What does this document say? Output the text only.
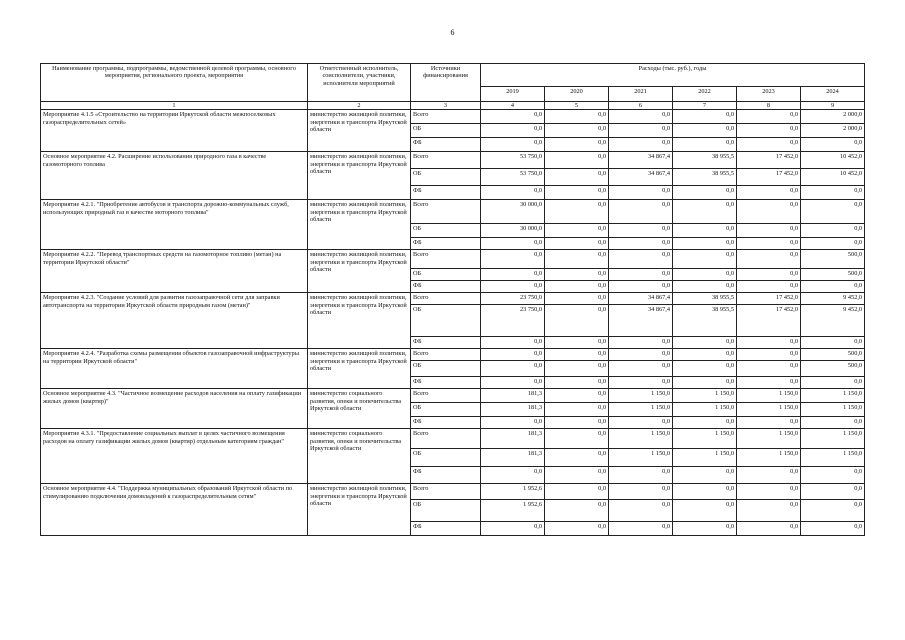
6
Наименование программы, подпрограммы, ведомственной целевой программы, основного мероприятия, регионального проекта, мероприятия	Ответственный исполнитель, соисполнители, участники, исполнители мероприятий	Источники финансирования	Расходы (тыс. руб.), годы					
			2019	2020	2021	2022	2023	2024
1	2	3	4	5	6	7	8	9
Мероприятие 4.1.5 «Строительство на территории Иркутской области межпоселковых газораспределительных сетей»	министерство жилищной политики, энергетики и транспорта Иркутской области	Всего	0,0	0,0	0,0	0,0	0,0	2 000,0
		ОБ	0,0	0,0	0,0	0,0	0,0	2 000,0
		ФБ	0,0	0,0	0,0	0,0	0,0	0,0
Основное мероприятие 4.2. Расширение использования природного газа в качестве газомоторного топлива	министерство жилищной политики, энергетики и транспорта Иркутской области	Всего	53 750,0	0,0	34 867,4	38 955,5	17 452,0	10 452,0
		ОБ	53 750,0	0,0	34 867,4	38 955,5	17 452,0	10 452,0
		ФБ	0,0	0,0	0,0	0,0	0,0	0,0
Мероприятие 4.2.1. "Приобретение автобусов и транспорта дорожно-коммунальных служб, использующих природный газ в качестве моторного топлива"	министерство жилищной политики, энергетики и транспорта Иркутской области	Всего	30 000,0	0,0	0,0	0,0	0,0	0,0
		ОБ	30 000,0	0,0	0,0	0,0	0,0	0,0
		ФБ	0,0	0,0	0,0	0,0	0,0	0,0
Мероприятие 4.2.2. "Перевод транспортных средств на газомоторное топливо (метан) на территории Иркутской области"	министерство жилищной политики, энергетики и транспорта Иркутской области	Всего	0,0	0,0	0,0	0,0	0,0	500,0
		ОБ	0,0	0,0	0,0	0,0	0,0	500,0
		ФБ	0,0	0,0	0,0	0,0	0,0	0,0
Мероприятие 4.2.3. "Создание условий для развития газозаправочной сети для заправки автотранспорта на территории Иркутской области природным газом (метан)"	министерство жилищной политики, энергетики и транспорта Иркутской области	Всего	23 750,0	0,0	34 867,4	38 955,5	17 452,0	9 452,0
		ОБ	23 750,0	0,0	34 867,4	38 955,5	17 452,0	9 452,0
		ФБ	0,0	0,0	0,0	0,0	0,0	0,0
Мероприятие 4.2.4. "Разработка схемы размещения объектов газозаправочной инфраструктуры на территории Иркутской области"	министерство жилищной политики, энергетики и транспорта Иркутской области	Всего	0,0	0,0	0,0	0,0	0,0	500,0
		ОБ	0,0	0,0	0,0	0,0	0,0	500,0
		ФБ	0,0	0,0	0,0	0,0	0,0	0,0
Основное мероприятие 4.3. "Частичное возмещение расходов населения на оплату газификации жилых домов (квартир)"	министерство социального развития, опеки и попечительства Иркутской области	Всего	181,3	0,0	1 150,0	1 150,0	1 150,0	1 150,0
		ОБ	181,3	0,0	1 150,0	1 150,0	1 150,0	1 150,0
		ФБ	0,0	0,0	0,0	0,0	0,0	0,0
Мероприятие 4.3.1. "Предоставление социальных выплат в целях частичного возмещения расходов на оплату газификации жилых домов (квартир) отдельным категориям граждан"	министерство социального развития, опеки и попечительства Иркутской области	Всего	181,3	0,0	1 150,0	1 150,0	1 150,0	1 150,0
		ОБ	181,3	0,0	1 150,0	1 150,0	1 150,0	1 150,0
		ФБ	0,0	0,0	0,0	0,0	0,0	0,0
Основное мероприятие 4.4. "Поддержка муниципальных образований Иркутской области по стимулированию подключения домовладений к газораспределительным сетям"	министерство жилищной политики, энергетики и транспорта Иркутской области	Всего	1 952,6	0,0	0,0	0,0	0,0	0,0
		ОБ	1 952,6	0,0	0,0	0,0	0,0	0,0
		ФБ	0,0	0,0	0,0	0,0	0,0	0,0
